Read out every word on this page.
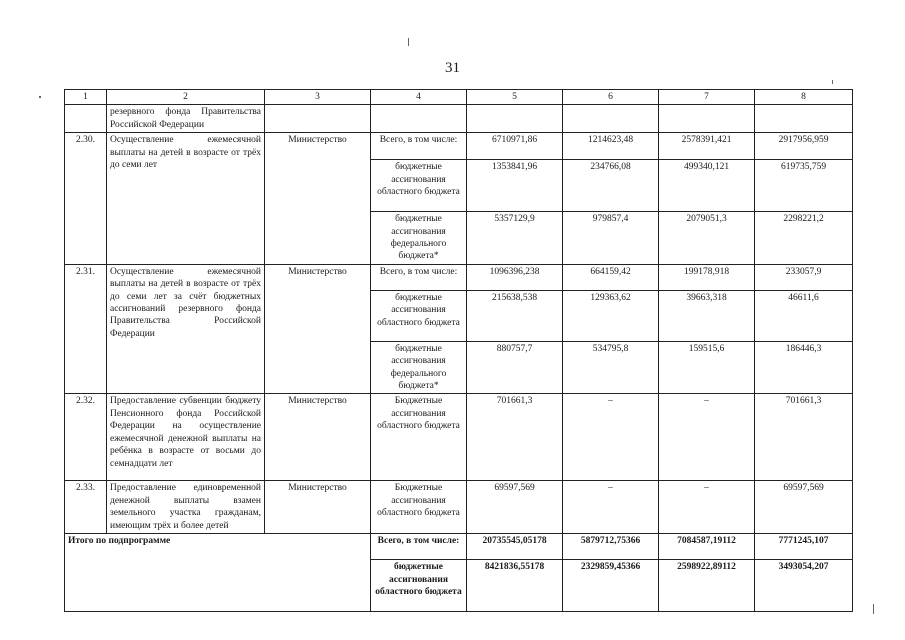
31
1	2	3	4	5	6	7	8
	резервного фонда Правительства Российской Федерации						
2.30.	Осуществление ежемесячной выплаты на детей в возрасте от трёх до семи лет	Министерство	Всего, в том числе:	6710971,86	1214623,48	2578391,421	2917956,959
			бюджетные ассигнования областного бюджета	1353841,96	234766,08	499340,121	619735,759
			бюджетные ассигнования федерального бюджета*	5357129,9	979857,4	2079051,3	2298221,2
2.31.	Осуществление ежемесячной выплаты на детей в возрасте от трёх до семи лет за счёт бюджетных ассигнований резервного фонда Правительства Российской Федерации	Министерство	Всего, в том числе:	1096396,238	664159,42	199178,918	233057,9
			бюджетные ассигнования областного бюджета	215638,538	129363,62	39663,318	46611,6
			бюджетные ассигнования федерального бюджета*	880757,7	534795,8	159515,6	186446,3
2.32.	Предоставление субвенции бюджету Пенсионного фонда Российской Федерации на осуществление ежемесячной денежной выплаты на ребёнка в возрасте от восьми до семнадцати лет	Министерство	Бюджетные ассигнования областного бюджета	701661,3	–	–	701661,3
2.33.	Предоставление единовременной денежной выплаты взамен земельного участка гражданам, имеющим трёх и более детей	Министерство	Бюджетные ассигнования областного бюджета	69597,569	–	–	69597,569
Итого по подпрограмме			Всего, в том числе:	20735545,05178	5879712,75366	7084587,19112	7771245,107
			бюджетные ассигнования областного бюджета	8421836,55178	2329859,45366	2598922,89112	3493054,207
